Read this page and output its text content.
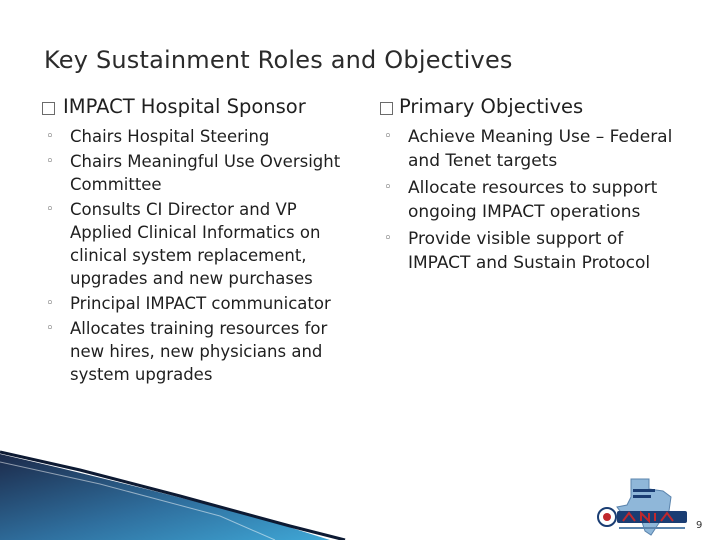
Key Sustainment Roles and Objectives
IMPACT Hospital Sponsor
◦ Chairs Hospital Steering
◦ Chairs Meaningful Use Oversight Committee
◦ Consults CI Director and VP Applied Clinical Informatics on clinical system replacement, upgrades and new purchases
◦ Principal IMPACT communicator
◦ Allocates training resources for new hires, new physicians and system upgrades
Primary Objectives
◦ Achieve Meaning Use – Federal and Tenet targets
◦ Allocate resources to support ongoing IMPACT operations
◦ Provide visible support of IMPACT and Sustain Protocol
9
